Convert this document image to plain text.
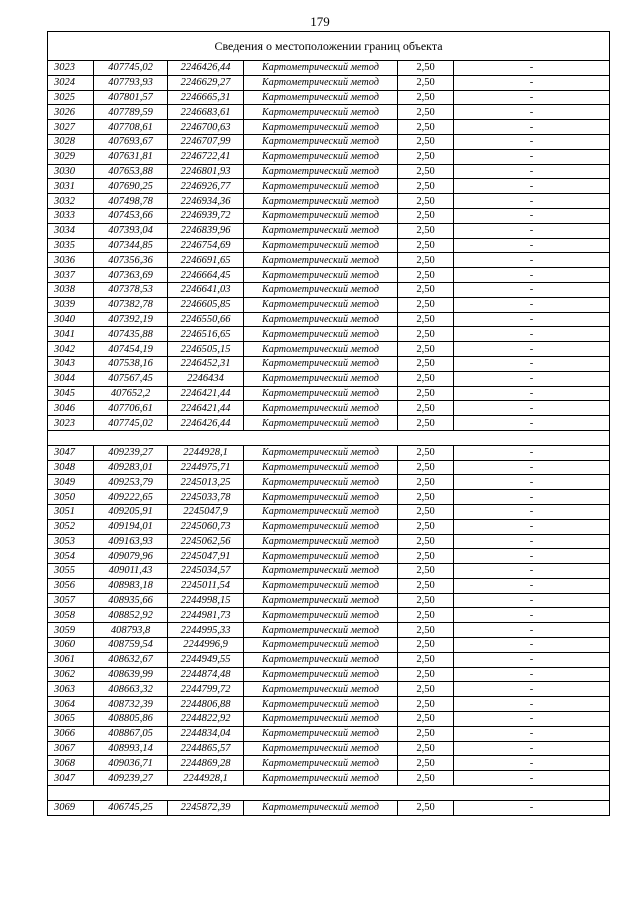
179
Сведения о местоположении границ объекта					
3023	407745,02	2246426,44	Картометрический метод	2,50	-
3024	407793,93	2246629,27	Картометрический метод	2,50	-
3025	407801,57	2246665,31	Картометрический метод	2,50	-
3026	407789,59	2246683,61	Картометрический метод	2,50	-
3027	407708,61	2246700,63	Картометрический метод	2,50	-
3028	407693,67	2246707,99	Картометрический метод	2,50	-
3029	407631,81	2246722,41	Картометрический метод	2,50	-
3030	407653,88	2246801,93	Картометрический метод	2,50	-
3031	407690,25	2246926,77	Картометрический метод	2,50	-
3032	407498,78	2246934,36	Картометрический метод	2,50	-
3033	407453,66	2246939,72	Картометрический метод	2,50	-
3034	407393,04	2246839,96	Картометрический метод	2,50	-
3035	407344,85	2246754,69	Картометрический метод	2,50	-
3036	407356,36	2246691,65	Картометрический метод	2,50	-
3037	407363,69	2246664,45	Картометрический метод	2,50	-
3038	407378,53	2246641,03	Картометрический метод	2,50	-
3039	407382,78	2246605,85	Картометрический метод	2,50	-
3040	407392,19	2246550,66	Картометрический метод	2,50	-
3041	407435,88	2246516,65	Картометрический метод	2,50	-
3042	407454,19	2246505,15	Картометрический метод	2,50	-
3043	407538,16	2246452,31	Картометрический метод	2,50	-
3044	407567,45	2246434	Картометрический метод	2,50	-
3045	407652,2	2246421,44	Картометрический метод	2,50	-
3046	407706,61	2246421,44	Картометрический метод	2,50	-
3023	407745,02	2246426,44	Картометрический метод	2,50	-

3047	409239,27	2244928,1	Картометрический метод	2,50	-
3048	409283,01	2244975,71	Картометрический метод	2,50	-
3049	409253,79	2245013,25	Картометрический метод	2,50	-
3050	409222,65	2245033,78	Картометрический метод	2,50	-
3051	409205,91	2245047,9	Картометрический метод	2,50	-
3052	409194,01	2245060,73	Картометрический метод	2,50	-
3053	409163,93	2245062,56	Картометрический метод	2,50	-
3054	409079,96	2245047,91	Картометрический метод	2,50	-
3055	409011,43	2245034,57	Картометрический метод	2,50	-
3056	408983,18	2245011,54	Картометрический метод	2,50	-
3057	408935,66	2244998,15	Картометрический метод	2,50	-
3058	408852,92	2244981,73	Картометрический метод	2,50	-
3059	408793,8	2244995,33	Картометрический метод	2,50	-
3060	408759,54	2244996,9	Картометрический метод	2,50	-
3061	408632,67	2244949,55	Картометрический метод	2,50	-
3062	408639,99	2244874,48	Картометрический метод	2,50	-
3063	408663,32	2244799,72	Картометрический метод	2,50	-
3064	408732,39	2244806,88	Картометрический метод	2,50	-
3065	408805,86	2244822,92	Картометрический метод	2,50	-
3066	408867,05	2244834,04	Картометрический метод	2,50	-
3067	408993,14	2244865,57	Картометрический метод	2,50	-
3068	409036,71	2244869,28	Картометрический метод	2,50	-
3047	409239,27	2244928,1	Картометрический метод	2,50	-

3069	406745,25	2245872,39	Картометрический метод	2,50	-
